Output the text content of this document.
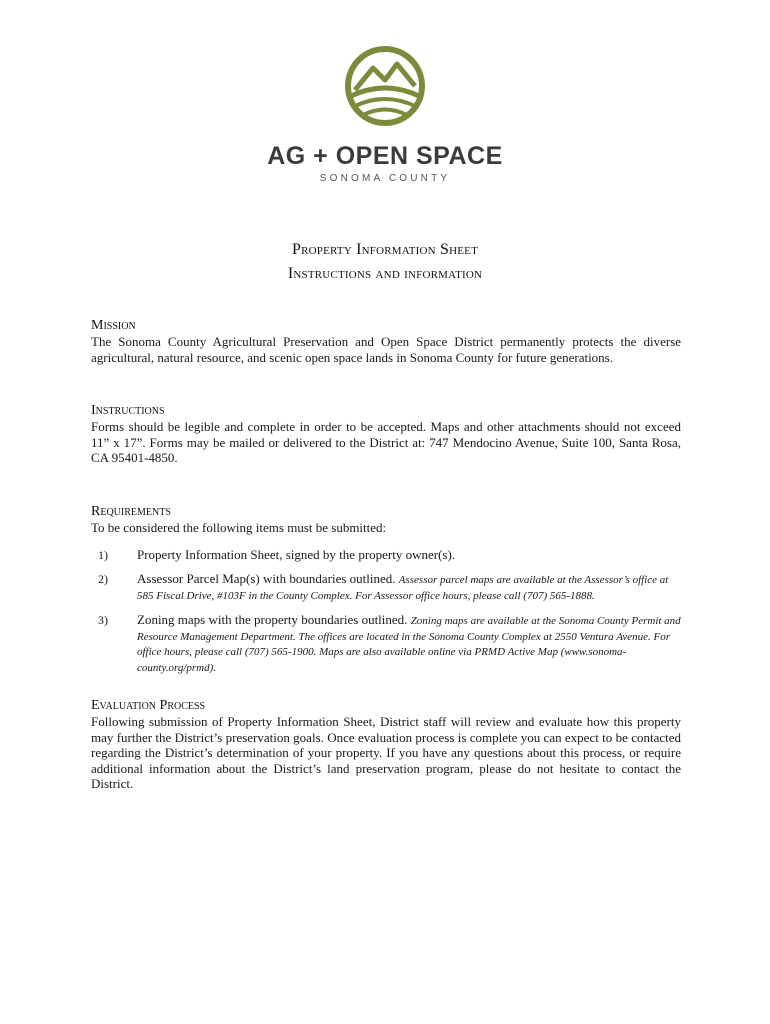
AG + OPEN SPACE
SONOMA COUNTY
Property Information Sheet
Instructions and information
Mission
The Sonoma County Agricultural Preservation and Open Space District permanently protects the diverse agricultural, natural resource, and scenic open space lands in Sonoma County for future generations.
Instructions
Forms should be legible and complete in order to be accepted. Maps and other attachments should not exceed 11” x 17”. Forms may be mailed or delivered to the District at: 747 Mendocino Avenue, Suite 100, Santa Rosa, CA 95401-4850.
Requirements
To be considered the following items must be submitted:
1) Property Information Sheet, signed by the property owner(s).
2) Assessor Parcel Map(s) with boundaries outlined. Assessor parcel maps are available at the Assessor’s office at 585 Fiscal Drive, #103F in the County Complex. For Assessor office hours, please call (707) 565-1888.
3) Zoning maps with the property boundaries outlined. Zoning maps are available at the Sonoma County Permit and Resource Management Department. The offices are located in the Sonoma County Complex at 2550 Ventura Avenue. For office hours, please call (707) 565-1900. Maps are also available online via PRMD Active Map (www.sonoma-county.org/prmd).
Evaluation Process
Following submission of Property Information Sheet, District staff will review and evaluate how this property may further the District’s preservation goals. Once evaluation process is complete you can expect to be contacted regarding the District’s determination of your property. If you have any questions about this process, or require additional information about the District’s land preservation program, please do not hesitate to contact the District.
